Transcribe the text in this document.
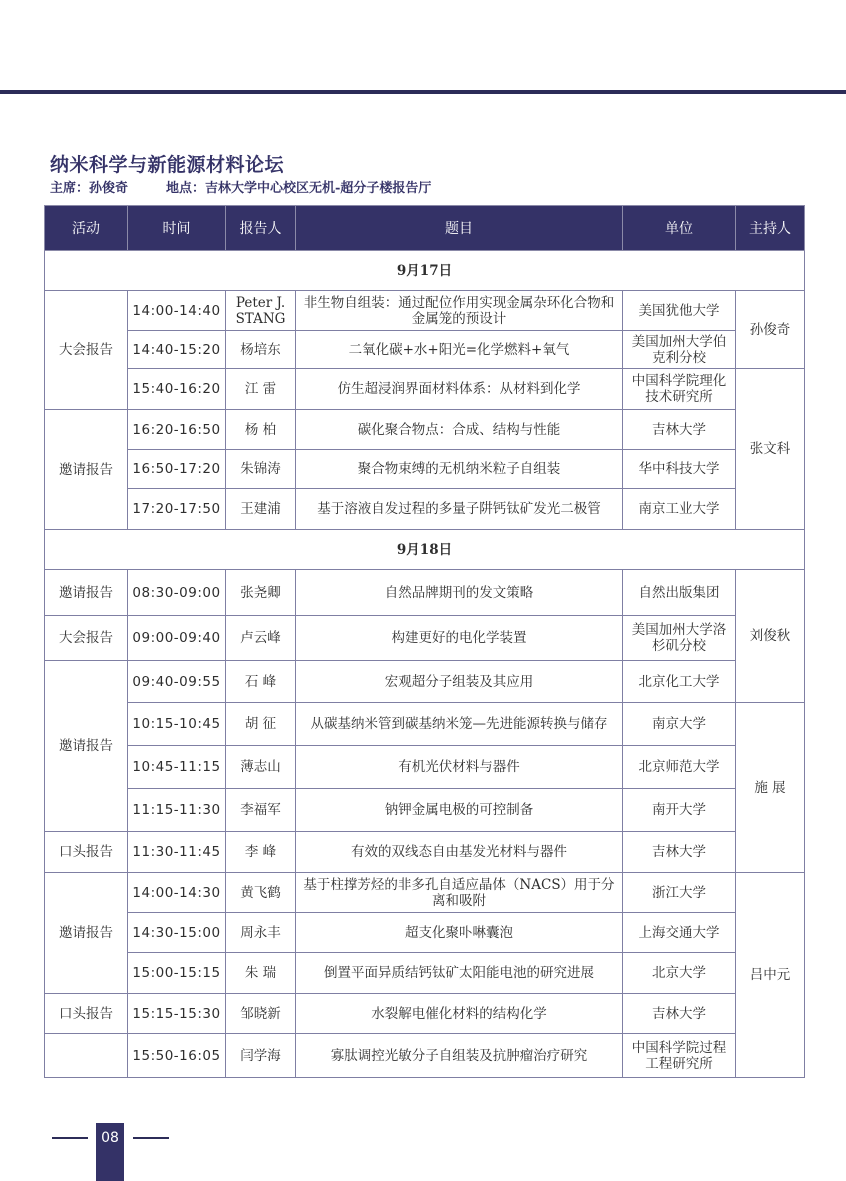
纳米科学与新能源材料论坛
主席：孙俊奇	地点：吉林大学中心校区无机-超分子楼报告厅
活动	时间	报告人	题目	单位	主持人
9月17日					
大会报告	14:00-14:40	Peter J. STANG	非生物自组装：通过配位作用实现金属杂环化合物和金属笼的预设计	美国犹他大学	孙俊奇
	14:40-15:20	杨培东	二氧化碳+水+阳光=化学燃料+氧气	美国加州大学伯克利分校	
	15:40-16:20	江 雷	仿生超浸润界面材料体系：从材料到化学	中国科学院理化技术研究所	张文科
邀请报告	16:20-16:50	杨 柏	碳化聚合物点：合成、结构与性能	吉林大学	
	16:50-17:20	朱锦涛	聚合物束缚的无机纳米粒子自组装	华中科技大学	
	17:20-17:50	王建浦	基于溶液自发过程的多量子阱钙钛矿发光二极管	南京工业大学	
9月18日					
邀请报告	08:30-09:00	张尧卿	自然品牌期刊的发文策略	自然出版集团	刘俊秋
大会报告	09:00-09:40	卢云峰	构建更好的电化学装置	美国加州大学洛杉矶分校	
邀请报告	09:40-09:55	石 峰	宏观超分子组装及其应用	北京化工大学	
	10:15-10:45	胡 征	从碳基纳米管到碳基纳米笼—先进能源转换与储存	南京大学	施 展
	10:45-11:15	薄志山	有机光伏材料与器件	北京师范大学	
	11:15-11:30	李福军	钠钾金属电极的可控制备	南开大学	
口头报告	11:30-11:45	李 峰	有效的双线态自由基发光材料与器件	吉林大学	
邀请报告	14:00-14:30	黄飞鹤	基于柱撑芳烃的非多孔自适应晶体（NACS）用于分离和吸附	浙江大学	吕中元
	14:30-15:00	周永丰	超支化聚卟啉囊泡	上海交通大学	
	15:00-15:15	朱 瑞	倒置平面异质结钙钛矿太阳能电池的研究进展	北京大学	
口头报告	15:15-15:30	邹晓新	水裂解电催化材料的结构化学	吉林大学	
	15:50-16:05	闫学海	寡肽调控光敏分子自组装及抗肿瘤治疗研究	中国科学院过程工程研究所	
08
